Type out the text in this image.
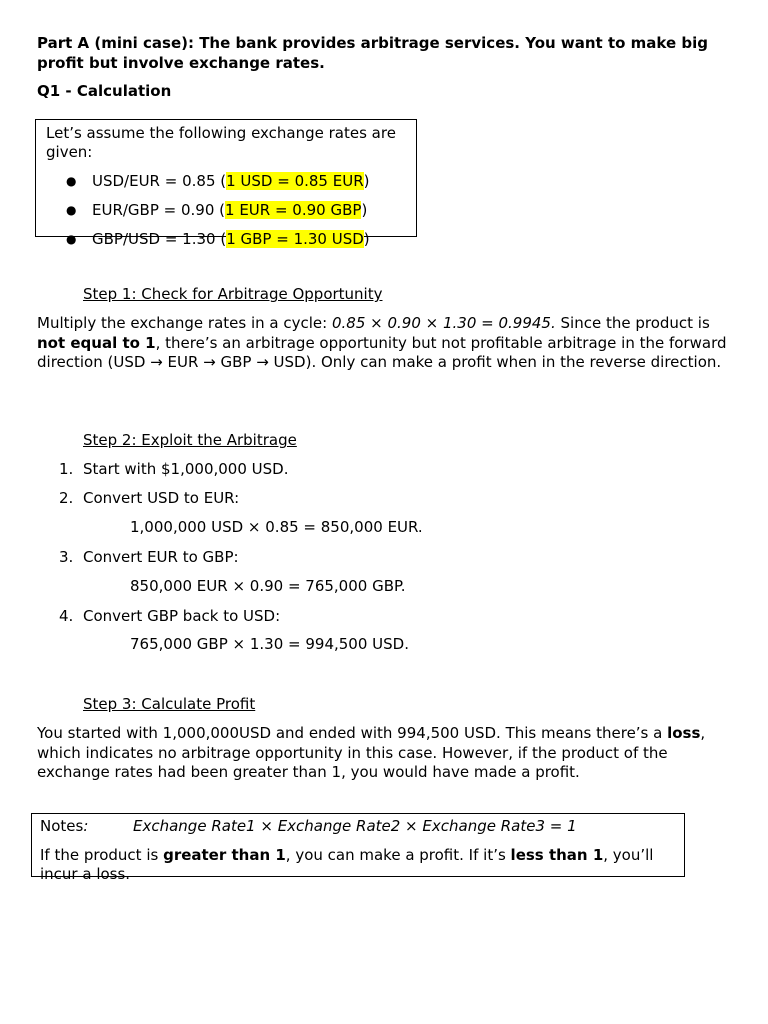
Part A (mini case): The bank provides arbitrage services. You want to make big profit but involve exchange rates.
Q1 - Calculation
Let’s assume the following exchange rates are given:
● USD/EUR = 0.85 (1 USD = 0.85 EUR)
● EUR/GBP = 0.90 (1 EUR = 0.90 GBP)
● GBP/USD = 1.30 (1 GBP = 1.30 USD)
Step 1: Check for Arbitrage Opportunity
Multiply the exchange rates in a cycle: 0.85 × 0.90 × 1.30 = 0.9945. Since the product is not equal to 1, there’s an arbitrage opportunity but not profitable arbitrage in the forward direction (USD → EUR → GBP → USD). Only can make a profit when in the reverse direction.
Step 2: Exploit the Arbitrage
1. Start with $1,000,000 USD.
2. Convert USD to EUR:
1,000,000 USD × 0.85 = 850,000 EUR.
3. Convert EUR to GBP:
850,000 EUR × 0.90 = 765,000 GBP.
4. Convert GBP back to USD:
765,000 GBP × 1.30 = 994,500 USD.
Step 3: Calculate Profit
You started with 1,000,000USD and ended with 994,500 USD. This means there’s a loss, which indicates no arbitrage opportunity in this case. However, if the product of the exchange rates had been greater than 1, you would have made a profit.
Notes:	Exchange Rate1 × Exchange Rate2 × Exchange Rate3 = 1
If the product is greater than 1, you can make a profit. If it’s less than 1, you’ll incur a loss.
